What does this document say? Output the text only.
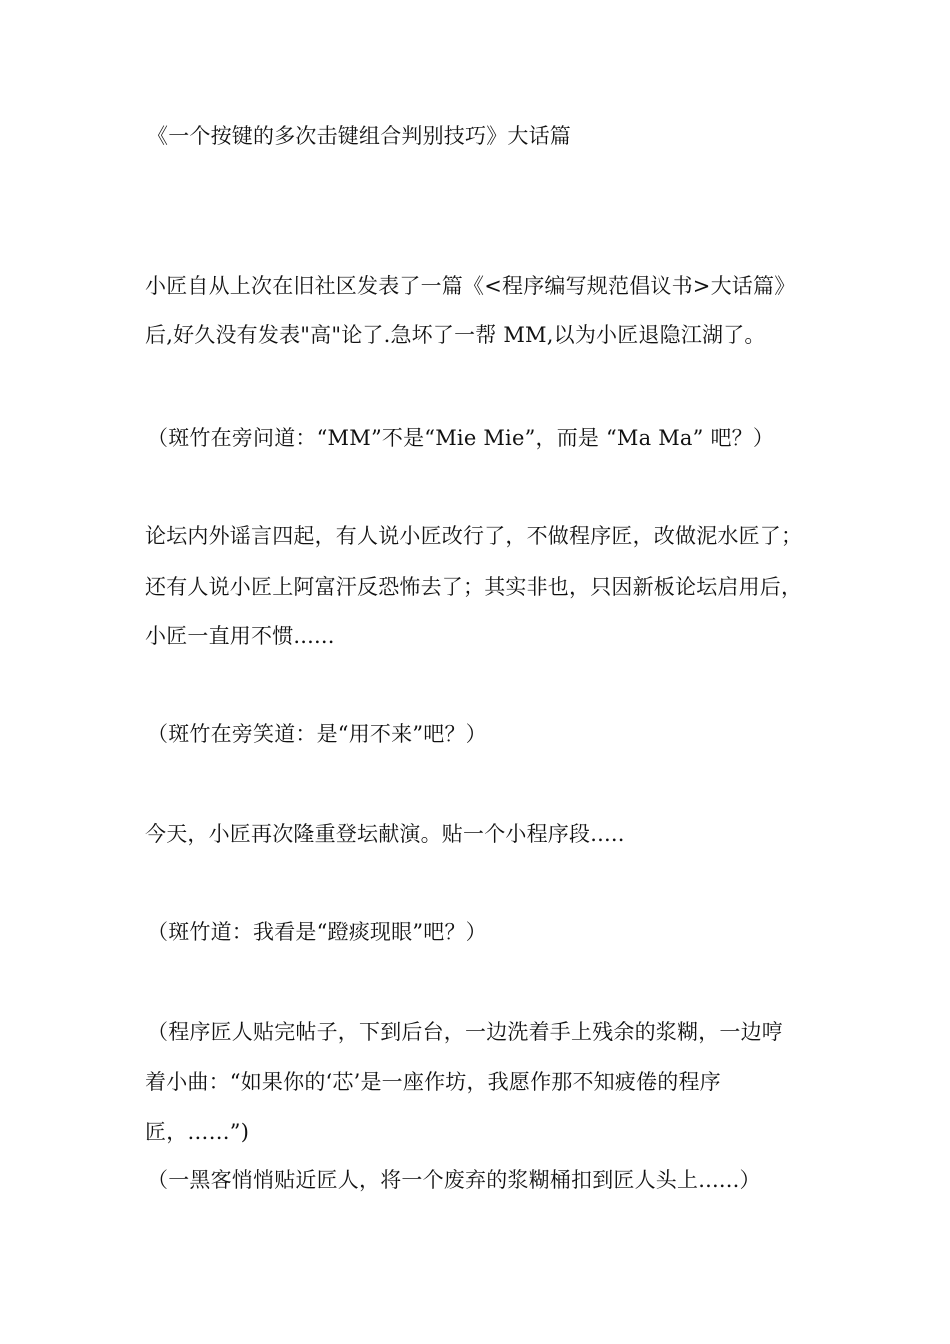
《一个按键的多次击键组合判别技巧》大话篇
小匠自从上次在旧社区发表了一篇《<程序编写规范倡议书>大话篇》
后,好久没有发表"高"论了.急坏了一帮 MM,以为小匠退隐江湖了。
（斑竹在旁问道：“MM”不是“Mie Mie”，而是 “Ma Ma” 吧？）
论坛内外谣言四起，有人说小匠改行了，不做程序匠，改做泥水匠了；
还有人说小匠上阿富汗反恐怖去了；其实非也，只因新板论坛启用后，
小匠一直用不惯......
（斑竹在旁笑道：是“用不来”吧？）
今天，小匠再次隆重登坛献演。贴一个小程序段.....
（斑竹道：我看是“蹬痰现眼”吧？）
（程序匠人贴完帖子，下到后台，一边洗着手上残余的浆糊，一边哼
着小曲：“如果你的‘芯’是一座作坊，我愿作那不知疲倦的程序
匠，……”)
（一黑客悄悄贴近匠人，将一个废弃的浆糊桶扣到匠人头上......）
